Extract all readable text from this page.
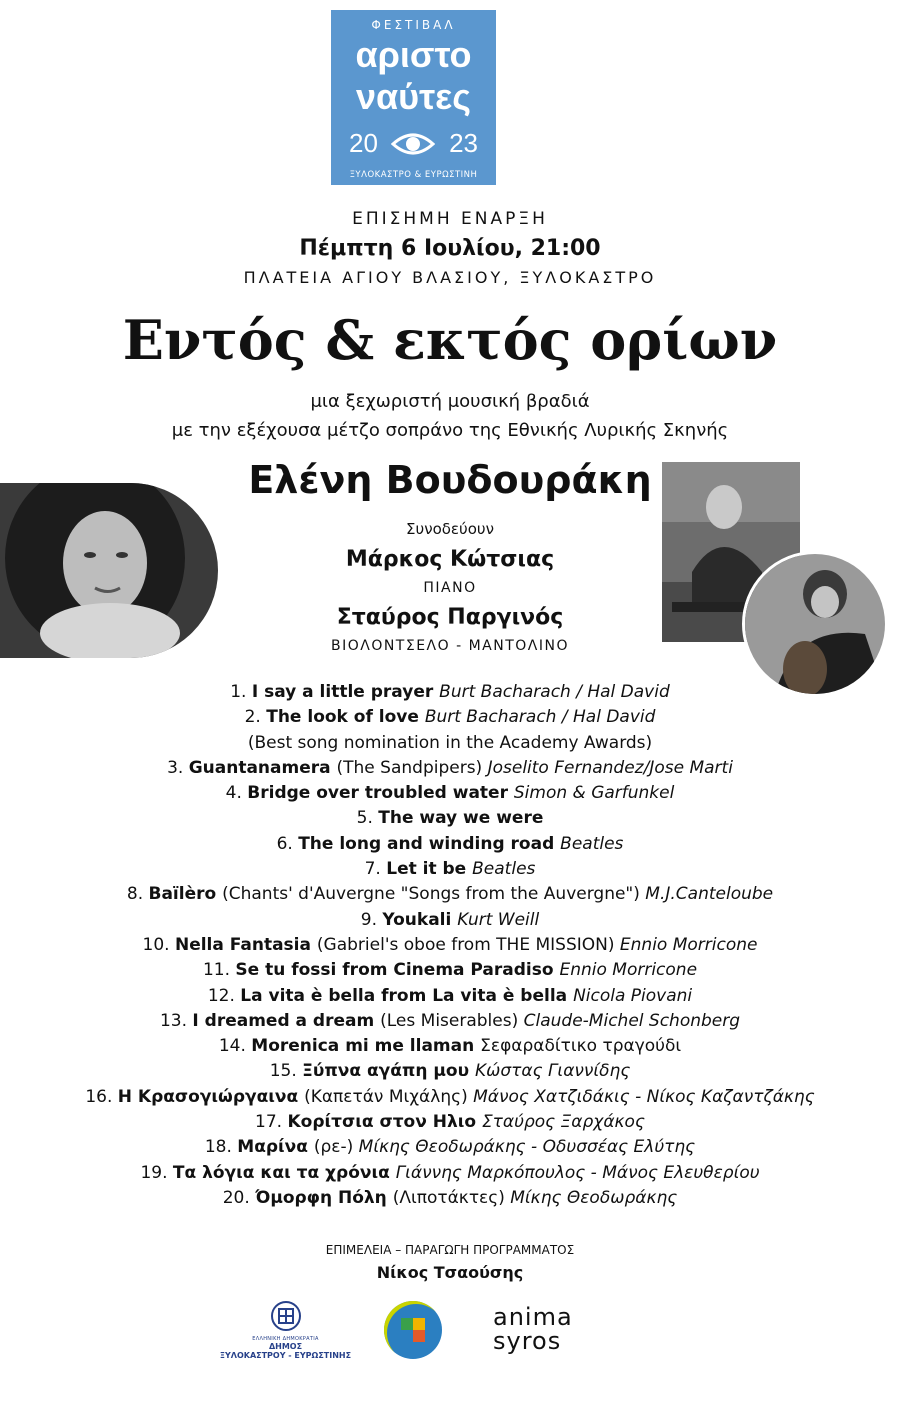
ΦΕΣΤΙΒΑΛ
αριστο
ναύτες
20	23
ΞΥΛΟΚΑΣΤΡΟ & ΕΥΡΩΣΤΙΝΗ
ΕΠΙΣΗΜΗ ΕΝΑΡΞΗ
Πέμπτη 6 Ιουλίου, 21:00
ΠΛΑΤΕΙΑ ΑΓΙΟΥ ΒΛΑΣΙΟΥ, ΞΥΛΟΚΑΣΤΡΟ
Εντός & εκτός ορίων
μια ξεχωριστή μουσική βραδιά
με την εξέχουσα μέτζο σοπράνο της Εθνικής Λυρικής Σκηνής
Ελένη Βουδουράκη
Συνοδεύουν
Μάρκος Κώτσιας
ΠΙΑΝΟ
Σταύρος Παργινός
ΒΙΟΛΟΝΤΣΕΛΟ - ΜΑΝΤΟΛΙΝΟ
1. I say a little prayer Burt Bacharach / Hal David
2. The look of love Burt Bacharach / Hal David
(Best song nomination in the Academy Awards)
3. Guantanamera (The Sandpipers) Joselito Fernandez/Jose Marti
4. Bridge over troubled water Simon & Garfunkel
5. The way we were
6. The long and winding road Beatles
7. Let it be Beatles
8. Baïlèro (Chants' d'Auvergne "Songs from the Auvergne") M.J.Canteloube
9. Youkali Kurt Weill
10. Nella Fantasia (Gabriel's oboe from THE MISSION) Ennio Morricone
11. Se tu fossi from Cinema Paradiso Ennio Morricone
12. La vita è bella from La vita è bella Nicola Piovani
13. I dreamed a dream (Les Miserables) Claude-Michel Schonberg
14. Morenica mi me llaman Σεφαραδίτικο τραγούδι
15. Ξύπνα αγάπη μου Κώστας Γιαννίδης
16. Η Κρασογιώργαινα (Καπετάν Μιχάλης) Μάνος Χατζιδάκις - Νίκος Καζαντζάκης
17. Κορίτσια στον Ηλιο Σταύρος Ξαρχάκος
18. Μαρίνα (ρε-) Μίκης Θεοδωράκης - Οδυσσέας Ελύτης
19. Τα λόγια και τα χρόνια Γιάννης Μαρκόπουλος - Μάνος Ελευθερίου
20. Όμορφη Πόλη (Λιποτάκτες) Μίκης Θεοδωράκης
ΕΠΙΜΕΛΕΙΑ – ΠΑΡΑΓΩΓΗ ΠΡΟΓΡΑΜΜΑΤΟΣ
Νίκος Τσαούσης
ΕΛΛΗΝΙΚΗ ΔΗΜΟΚΡΑΤΙΑ
ΔΗΜΟΣ
ΞΥΛΟΚΑΣΤΡΟΥ - ΕΥΡΩΣΤΙΝΗΣ
anima
syros
